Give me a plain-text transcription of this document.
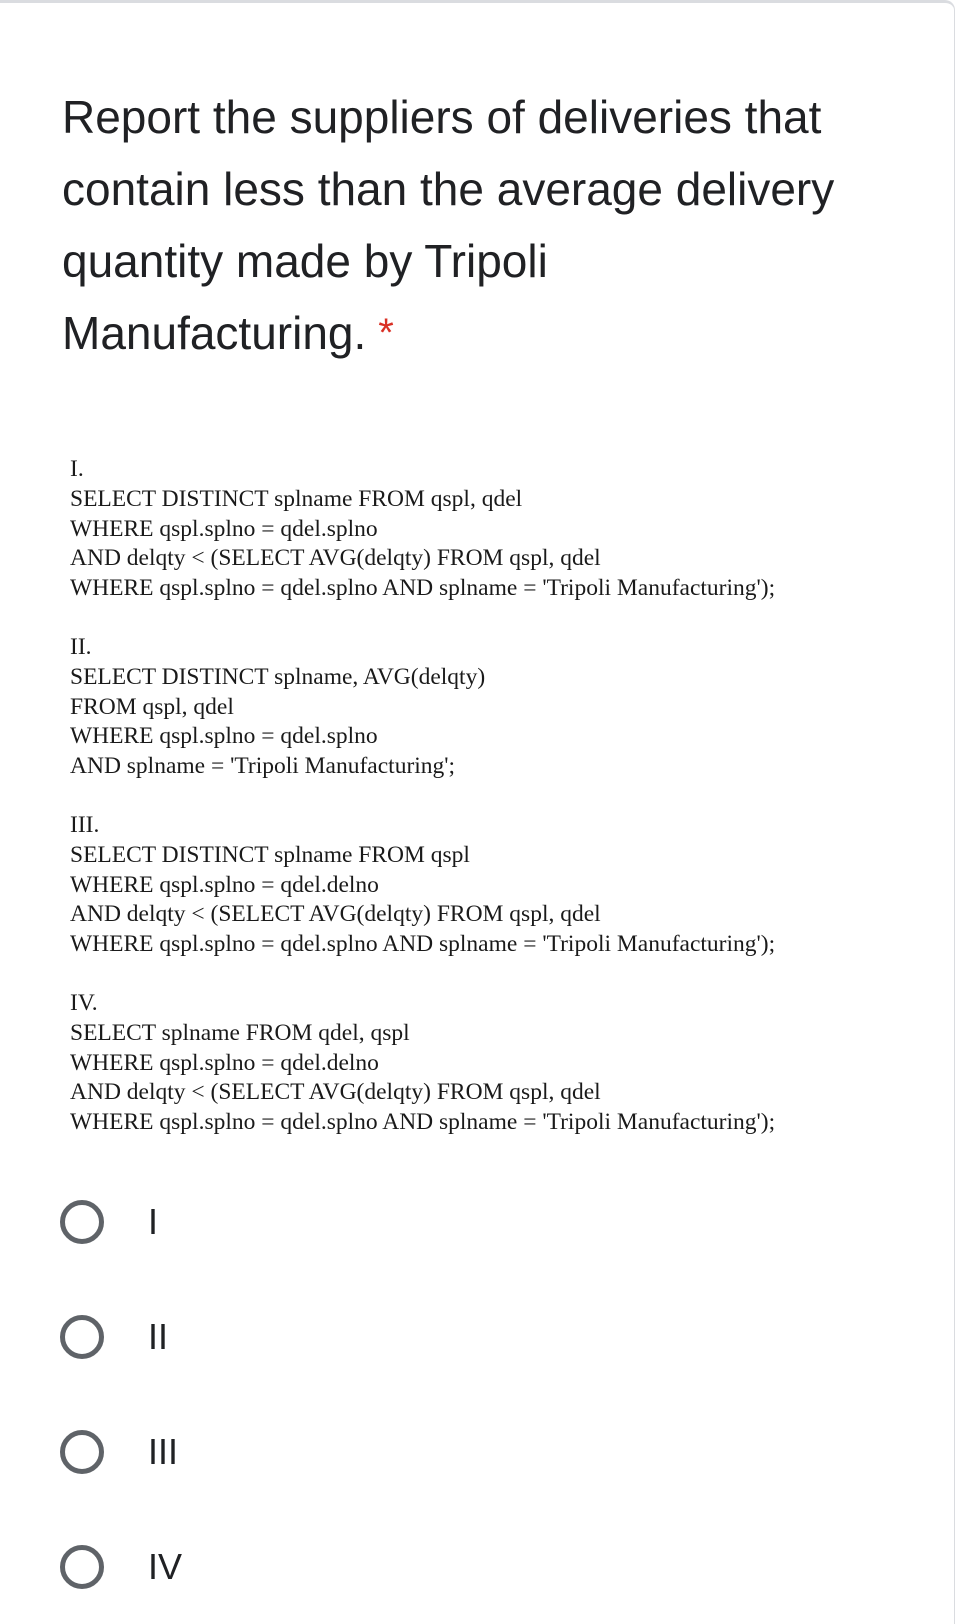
Report the suppliers of deliveries that contain less than the average delivery quantity made by Tripoli Manufacturing. *
I.
SELECT DISTINCT splname FROM qspl, qdel
WHERE qspl.splno = qdel.splno
AND delqty < (SELECT AVG(delqty) FROM qspl, qdel
WHERE qspl.splno = qdel.splno AND splname = 'Tripoli Manufacturing');
II.
SELECT DISTINCT splname, AVG(delqty)
FROM qspl, qdel
WHERE qspl.splno = qdel.splno
AND splname = 'Tripoli Manufacturing';
III.
SELECT DISTINCT splname FROM qspl
WHERE qspl.splno = qdel.delno
AND delqty < (SELECT AVG(delqty) FROM qspl, qdel
WHERE qspl.splno = qdel.splno AND splname = 'Tripoli Manufacturing');
IV.
SELECT splname FROM qdel, qspl
WHERE qspl.splno = qdel.delno
AND delqty < (SELECT AVG(delqty) FROM qspl, qdel
WHERE qspl.splno = qdel.splno AND splname = 'Tripoli Manufacturing');
I
II
III
IV
